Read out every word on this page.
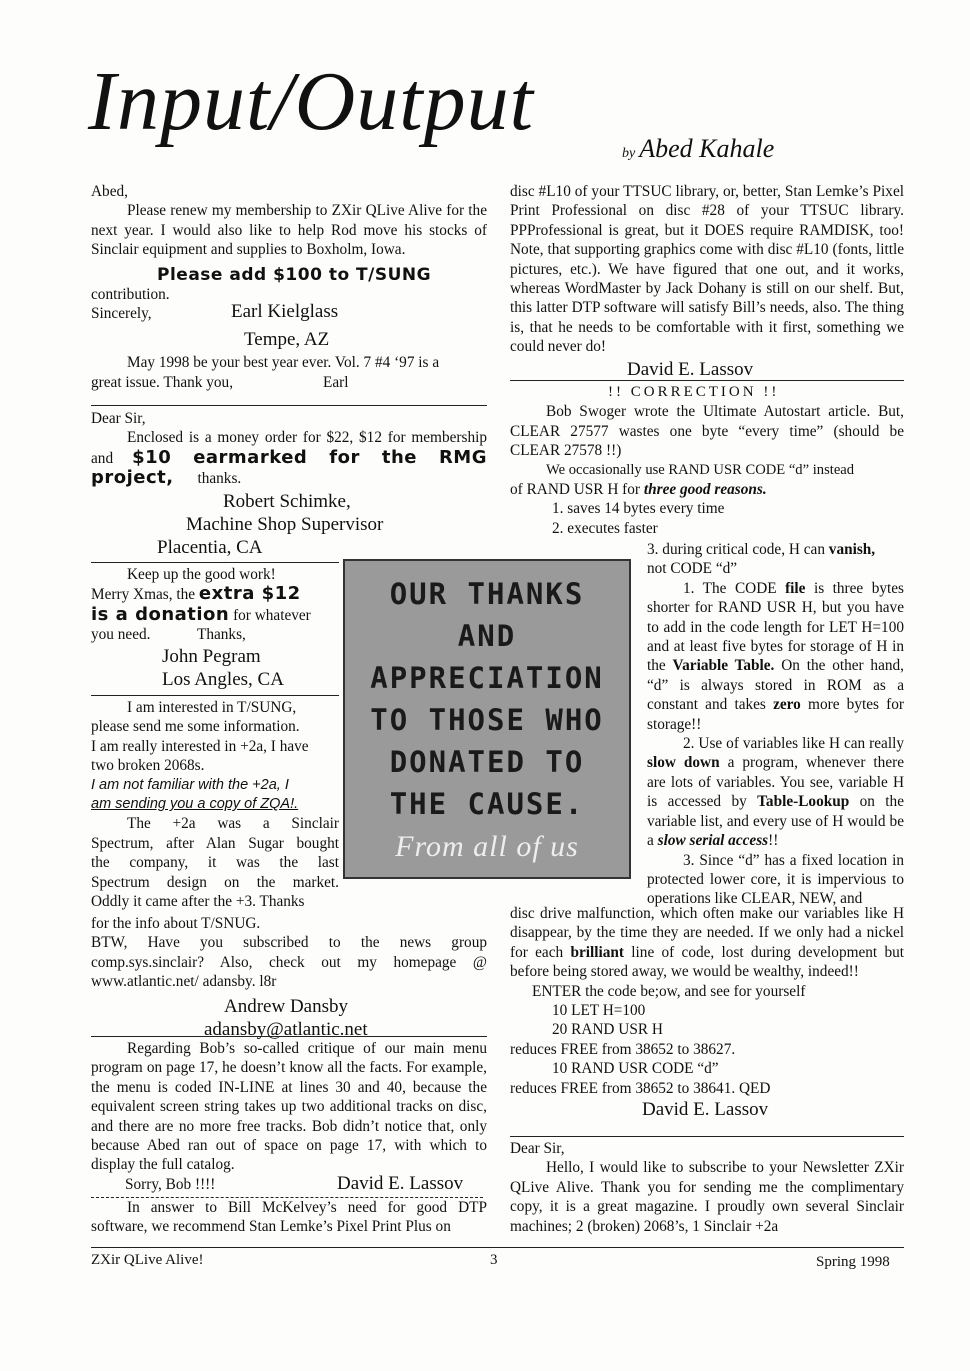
Input/Output
by Abed Kahale

Abed,

Please renew my membership to ZXir QLive Alive for the next year. I would also like to help Rod move his stocks of Sinclair equipment and supplies to Boxholm, Iowa.

Please add $100 to T/SUNG

contribution.

Sincerely,	Earl Kielglass

Tempe, AZ

May 1998 be your best year ever. Vol. 7 #4 ‘97 is a

great issue. Thank you,	Earl

Dear Sir,

Enclosed is a money order for $22, $12 for membership and $10 earmarked for the RMG project, thanks.

Robert Schimke,

Machine Shop Supervisor

Placentia, CA

Keep up the good work!

Merry Xmas, the extra $12

is a donation for whatever

you need.	Thanks,

John Pegram

Los Angles, CA

I am interested in T/SUNG,

please send me some information.

I am really interested in +2a, I have

two broken 2068s.

I am not familiar with the +2a, I

am sending you a copy of ZQA!.

The +2a was a Sinclair

Spectrum, after Alan Sugar bought

the company, it was the last

Spectrum design on the market.

Oddly it came after the +3. Thanks

for the info about T/SNUG.

BTW, Have you subscribed to the news group comp.sys.sinclair? Also, check out my homepage @ www.atlantic.net/ adansby. l8r

Andrew Dansby

adansby@atlantic.net

Regarding Bob’s so-called critique of our main menu program on page 17, he doesn’t know all the facts. For example, the menu is coded IN-LINE at lines 30 and 40, because the equivalent screen string takes up two additional tracks on disc, and there are no more free tracks. Bob didn’t notice that, only because Abed ran out of space on page 17, with which to display the full catalog.

Sorry, Bob !!!!	David E. Lassov

In answer to Bill McKelvey’s need for good DTP software, we recommend Stan Lemke’s Pixel Print Plus on

OUR THANKS
AND
APPRECIATION
TO THOSE WHO
DONATED TO
THE CAUSE.
From all of us

disc #L10 of your TTSUC library, or, better, Stan Lemke’s Pixel Print Professional on disc #28 of your TTSUC library. PPProfessional is great, but it DOES require RAMDISK, too! Note, that supporting graphics come with disc #L10 (fonts, little pictures, etc.). We have figured that one out, and it works, whereas WordMaster by Jack Dohany is still on our shelf. But, this latter DTP software will satisfy Bill’s needs, also. The thing is, that he needs to be comfortable with it first, something we could never do!

David E. Lassov

!! CORRECTION !!

Bob Swoger wrote the Ultimate Autostart article. But, CLEAR 27577 wastes one byte “every time” (should be CLEAR 27578 !!)

We occasionally use RAND USR CODE “d” instead

of RAND USR H for three good reasons.

1. saves 14 bytes every time

2. executes faster

3. during critical code, H can vanish,

not CODE “d”

1. The CODE file is three bytes shorter for RAND USR H, but you have to add in the code length for LET H=100 and at least five bytes for storage of H in the Variable Table. On the other hand, “d” is always stored in ROM as a constant and takes zero more bytes for storage!!

2. Use of variables like H can really slow down a program, whenever there are lots of variables. You see, variable H is accessed by Table-Lookup on the variable list, and every use of H would be a slow serial access!!

3. Since “d” has a fixed location in protected lower core, it is impervious to operations like CLEAR, NEW, and

disc drive malfunction, which often make our variables like H disappear, by the time they are needed. If we only had a nickel for each brilliant line of code, lost during development but before being stored away, we would be wealthy, indeed!!

ENTER the code be;ow, and see for yourself

10 LET H=100

20 RAND USR H

reduces FREE from 38652 to 38627.

10 RAND USR CODE “d”

reduces FREE from 38652 to 38641. QED

David E. Lassov

Dear Sir,

Hello, I would like to subscribe to your Newsletter ZXir QLive Alive. Thank you for sending me the complimentary copy, it is a great magazine. I proudly own several Sinclair machines; 2 (broken) 2068’s, 1 Sinclair +2a

ZXir QLive Alive!	3	Spring 1998
